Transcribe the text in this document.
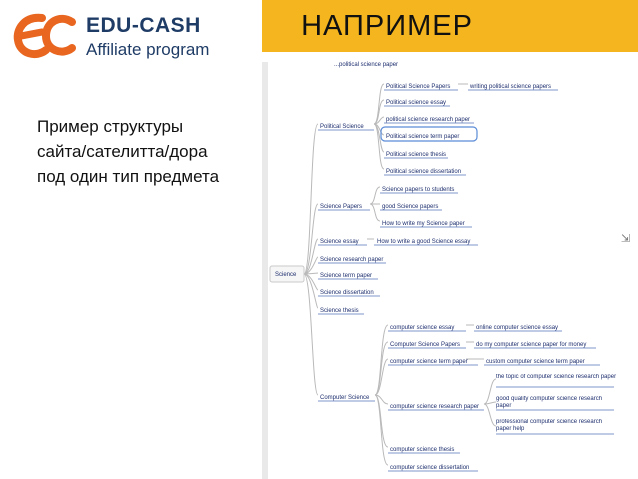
EDU-CASH
Affiliate program
НАПРИМЕР
Пример структуры
сайта/сателитта/дора
под один тип предмета
...political science paper
Science
Political Science
Science Papers
Science essay
Science research paper
Science term paper
Science dissertation
Science thesis
Computer Science
Political Science Papers	writing political science papers
Political science essay
political science research paper
Political science term paper
Political science thesis
Political science dissertation
Science papers to students
good Science papers
How to write my Science paper
How to write a good Science essay
computer science essay	online computer science essay
Computer Science Papers	do my computer science paper for money
computer science term paper	custom computer science term paper
computer science research paper
computer science thesis
computer science dissertation
the topic of computer science research paper
good quality computer science research paper
professional computer science research paper help
⇲
